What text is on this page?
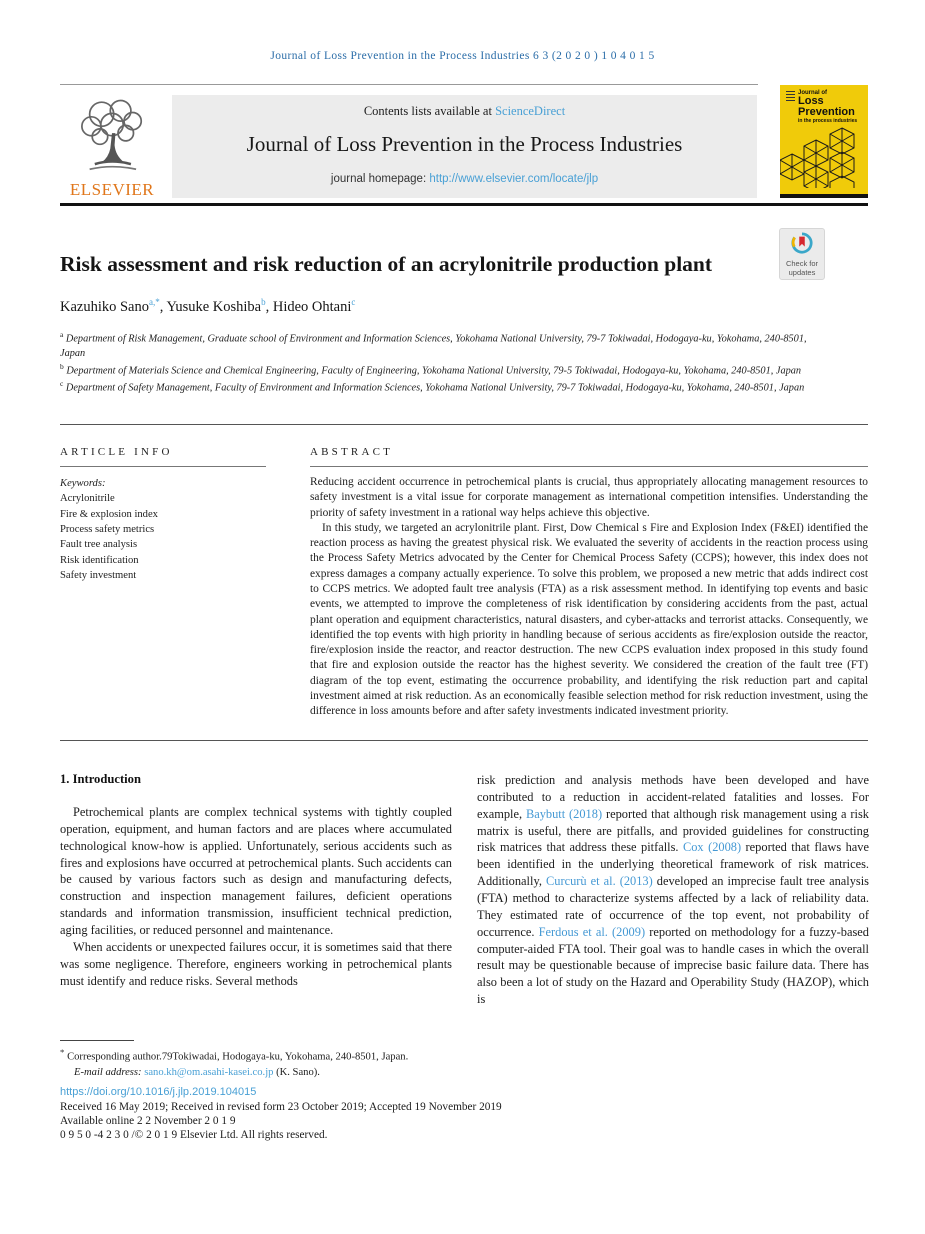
Journal of Loss Prevention in the Process Industries 6 3 (2 0 2 0 ) 1 0 4 0 1 5
ELSEVIER
Contents lists available at ScienceDirect
Journal of Loss Prevention in the Process Industries
journal homepage: http://www.elsevier.com/locate/jlp
Journal of
Loss
Prevention
in the process industries
Check for
updates
Risk assessment and risk reduction of an acrylonitrile production plant
Kazuhiko Sano$^{a,*}$, Yusuke Koshiba$^b$, Hideo Ohtani$^c$
$^a$ Department of Risk Management, Graduate school of Environment and Information Sciences, Yokohama National University, 79-7 Tokiwadai, Hodogaya-ku, Yokohama, 240-8501, Japan
$^b$ Department of Materials Science and Chemical Engineering, Faculty of Engineering, Yokohama National University, 79-5 Tokiwadai, Hodogaya-ku, Yokohama, 240-8501, Japan
$^c$ Department of Safety Management, Faculty of Environment and Information Sciences, Yokohama National University, 79-7 Tokiwadai, Hodogaya-ku, Yokohama, 240-8501, Japan
ARTICLE INFO
Keywords:
Acrylonitrile
Fire & explosion index
Process safety metrics
Fault tree analysis
Risk identification
Safety investment
ABSTRACT

Reducing accident occurrence in petrochemical plants is crucial, thus appropriately allocating management resources to safety investment is a vital issue for corporate management as international competition intensifies. Understanding the priority of safety investment in a rational way helps achieve this objective.

In this study, we targeted an acrylonitrile plant. First, Dow Chemical s Fire and Explosion Index (F&EI) identified the reaction process as having the greatest physical risk. We evaluated the severity of accidents in the reaction process using the Process Safety Metrics advocated by the Center for Chemical Process Safety (CCPS); however, this index does not express damages a company actually experience. To solve this problem, we proposed a new metric that adds indirect cost to CCPS metrics. We adopted fault tree analysis (FTA) as a risk assessment method. In identifying top events and basic events, we attempted to improve the completeness of risk identification by considering accidents from the past, actual plant operation and equipment characteristics, natural disasters, and cyber-attacks and terrorist attacks. Consequently, we identified the top events with high priority in handling because of serious accidents as fire/explosion outside the reactor, fire/explosion inside the reactor, and reactor destruction. The new CCPS evaluation index proposed in this study found that fire and explosion outside the reactor has the highest severity. We considered the creation of the fault tree (FT) diagram of the top event, estimating the occurrence probability, and identifying the risk reduction part and capital investment aimed at risk reduction. As an economically feasible selection method for risk reduction investment, using the difference in loss amounts before and after safety investments indicated investment priority.

1. Introduction

Petrochemical plants are complex technical systems with tightly coupled operation, equipment, and human factors and are places where accumulated technological know-how is applied. Unfortunately, serious accidents such as fires and explosions have occurred at petrochemical plants. Such accidents can be caused by various factors such as design and manufacturing defects, construction and inspection management failures, deficient operations standards and information transmission, insufficient technical prediction, aging facilities, or reduced personnel and maintenance.

When accidents or unexpected failures occur, it is sometimes said that there was some negligence. Therefore, engineers working in petrochemical plants must identify and reduce risks. Several methods

risk prediction and analysis methods have been developed and have contributed to a reduction in accident-related fatalities and losses. For example, Baybutt (2018) reported that although risk management using a risk matrix is useful, there are pitfalls, and provided guidelines for constructing risk matrices that address these pitfalls. Cox (2008) reported that flaws have been identified in the underlying theoretical framework of risk matrices. Additionally, Curcurù et al. (2013) developed an imprecise fault tree analysis (FTA) method to characterize systems affected by a lack of reliability data. They estimated rate of occurrence of the top event, not probability of occurrence. Ferdous et al. (2009) reported on methodology for a fuzzy-based computer-aided FTA tool. Their goal was to handle cases in which the overall result may be questionable because of imprecise basic failure data. There has also been a lot of study on the Hazard and Operability Study (HAZOP), which is

* Corresponding author.79Tokiwadai, Hodogaya-ku, Yokohama, 240-8501, Japan.
E-mail address: sano.kh@om.asahi-kasei.co.jp (K. Sano).
https://doi.org/10.1016/j.jlp.2019.104015
Received 16 May 2019; Received in revised form 23 October 2019; Accepted 19 November 2019
Available online 2 2 November 2 0 1 9
0 9 5 0 -4 2 3 0 /© 2 0 1 9 Elsevier Ltd. All rights reserved.
